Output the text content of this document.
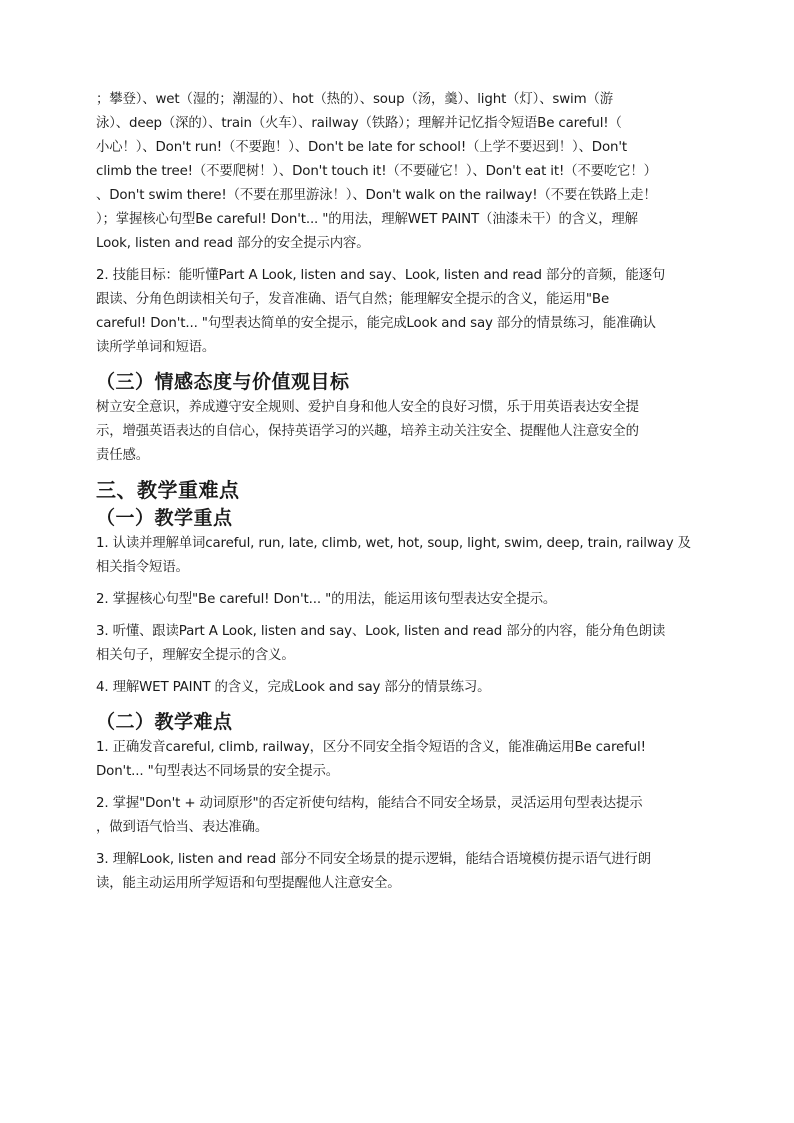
；攀登）、wet（湿的；潮湿的）、hot（热的）、soup（汤，羹）、light（灯）、swim（游

泳）、deep（深的）、train（火车）、railway（铁路）；理解并记忆指令短语Be careful!（

小心！）、Don't run!（不要跑！）、Don't be late for school!（上学不要迟到！）、Don't

climb the tree!（不要爬树！）、Don't touch it!（不要碰它！）、Don't eat it!（不要吃它！）

、Don't swim there!（不要在那里游泳！）、Don't walk on the railway!（不要在铁路上走！

）；掌握核心句型Be careful! Don't... "的用法，理解WET PAINT（油漆未干）的含义，理解

Look, listen and read 部分的安全提示内容。

2. 技能目标：能听懂Part A Look, listen and say、Look, listen and read 部分的音频，能逐句

跟读、分角色朗读相关句子，发音准确、语气自然；能理解安全提示的含义，能运用"Be

careful! Don't... "句型表达简单的安全提示，能完成Look and say 部分的情景练习，能准确认

读所学单词和短语。

（三）情感态度与价值观目标

树立安全意识，养成遵守安全规则、爱护自身和他人安全的良好习惯，乐于用英语表达安全提

示，增强英语表达的自信心，保持英语学习的兴趣，培养主动关注安全、提醒他人注意安全的

责任感。

三、教学重难点
（一）教学重点

1. 认读并理解单词careful, run, late, climb, wet, hot, soup, light, swim, deep, train, railway 及

相关指令短语。

2. 掌握核心句型"Be careful! Don't... "的用法，能运用该句型表达安全提示。

3. 听懂、跟读Part A Look, listen and say、Look, listen and read 部分的内容，能分角色朗读

相关句子，理解安全提示的含义。

4. 理解WET PAINT 的含义，完成Look and say 部分的情景练习。

（二）教学难点

1. 正确发音careful, climb, railway，区分不同安全指令短语的含义，能准确运用Be careful!

Don't... "句型表达不同场景的安全提示。

2. 掌握"Don't + 动词原形"的否定祈使句结构，能结合不同安全场景，灵活运用句型表达提示

，做到语气恰当、表达准确。

3. 理解Look, listen and read 部分不同安全场景的提示逻辑，能结合语境模仿提示语气进行朗

读，能主动运用所学短语和句型提醒他人注意安全。
